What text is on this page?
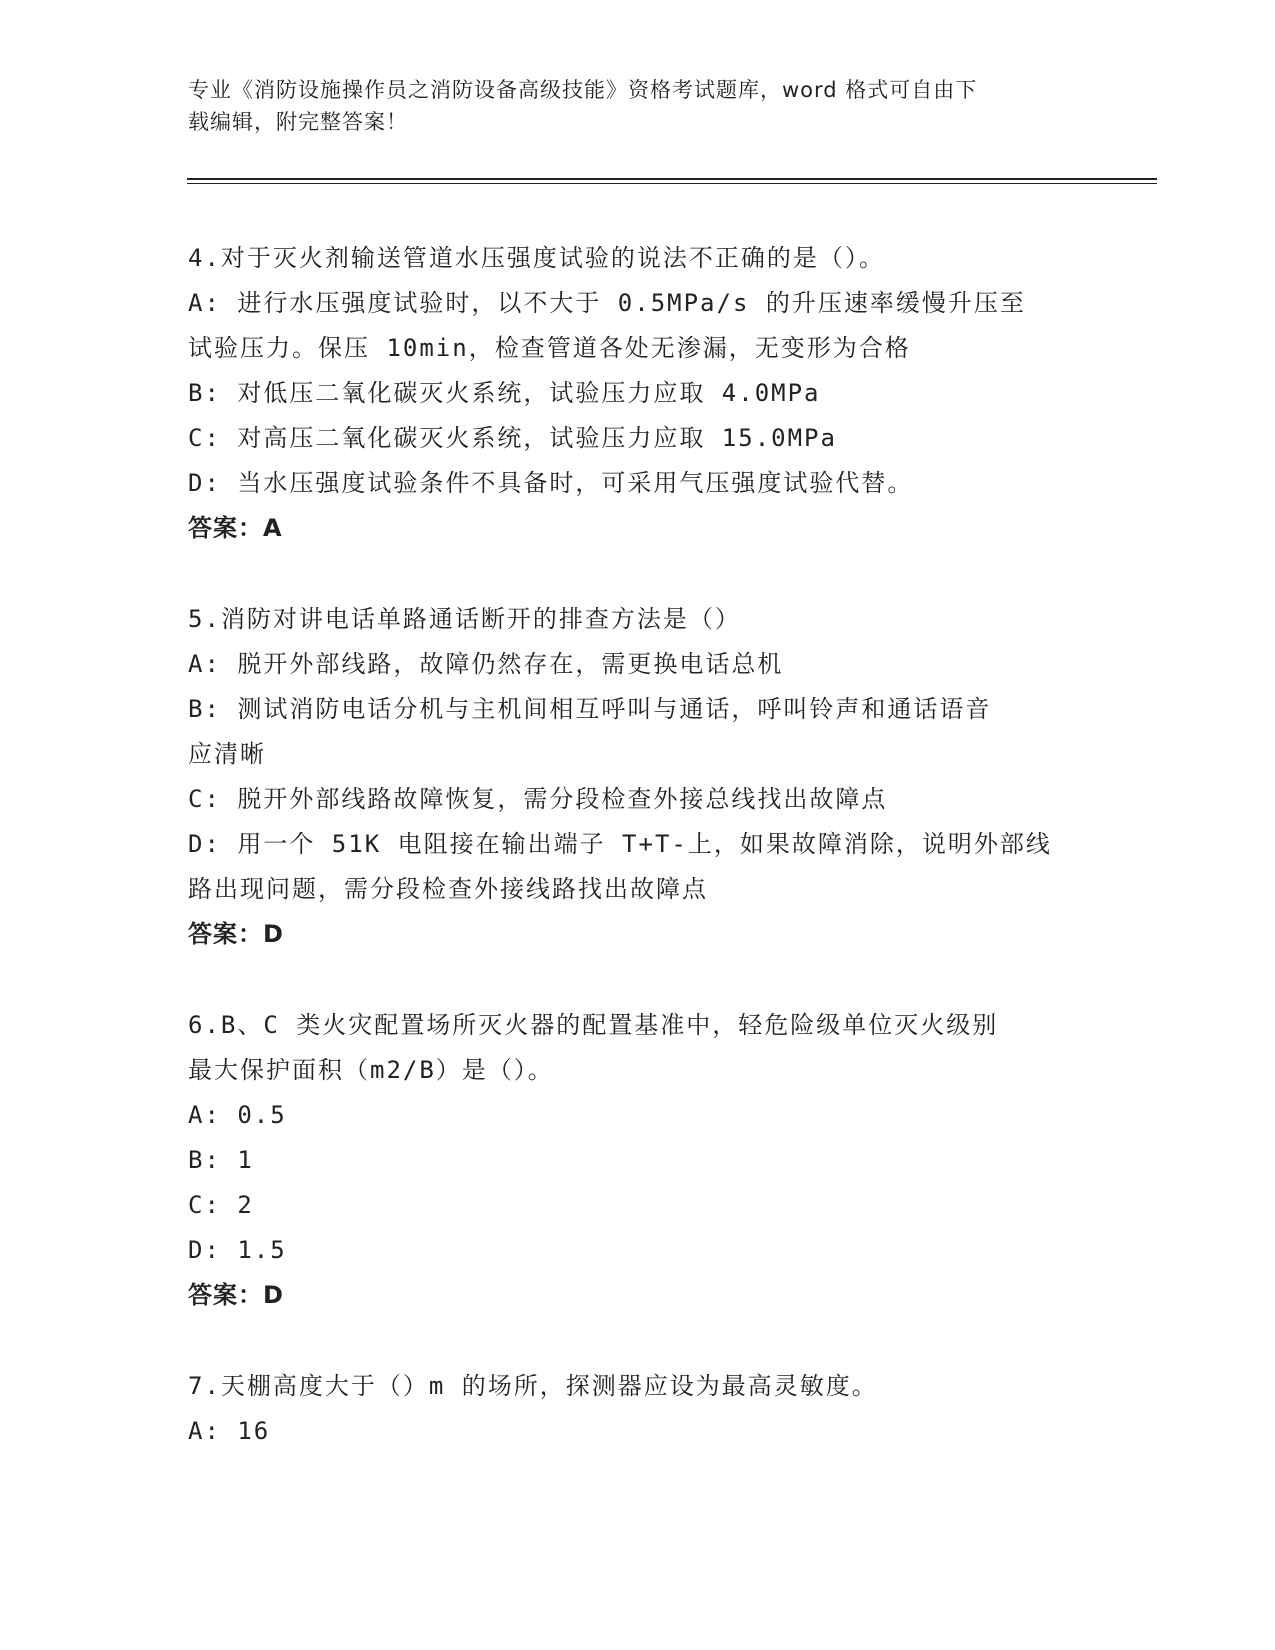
专业《消防设施操作员之消防设备高级技能》资格考试题库，word 格式可自由下
载编辑，附完整答案！
4.对于灭火剂输送管道水压强度试验的说法不正确的是（）。
A: 进行水压强度试验时，以不大于 0.5MPa/s 的升压速率缓慢升压至
试验压力。保压 10min，检查管道各处无渗漏，无变形为合格
B: 对低压二氧化碳灭火系统，试验压力应取 4.0MPa
C: 对高压二氧化碳灭火系统，试验压力应取 15.0MPa
D: 当水压强度试验条件不具备时，可采用气压强度试验代替。
答案：A
5.消防对讲电话单路通话断开的排查方法是（）
A: 脱开外部线路，故障仍然存在，需更换电话总机
B: 测试消防电话分机与主机间相互呼叫与通话，呼叫铃声和通话语音
应清晰
C: 脱开外部线路故障恢复，需分段检查外接总线找出故障点
D: 用一个 51K 电阻接在输出端子 T+T-上，如果故障消除，说明外部线
路出现问题，需分段检查外接线路找出故障点
答案：D
6.B、C 类火灾配置场所灭火器的配置基准中，轻危险级单位灭火级别
最大保护面积（m2/B）是（）。
A: 0.5
B: 1
C: 2
D: 1.5
答案：D
7.天棚高度大于（）m 的场所，探测器应设为最高灵敏度。
A: 16
